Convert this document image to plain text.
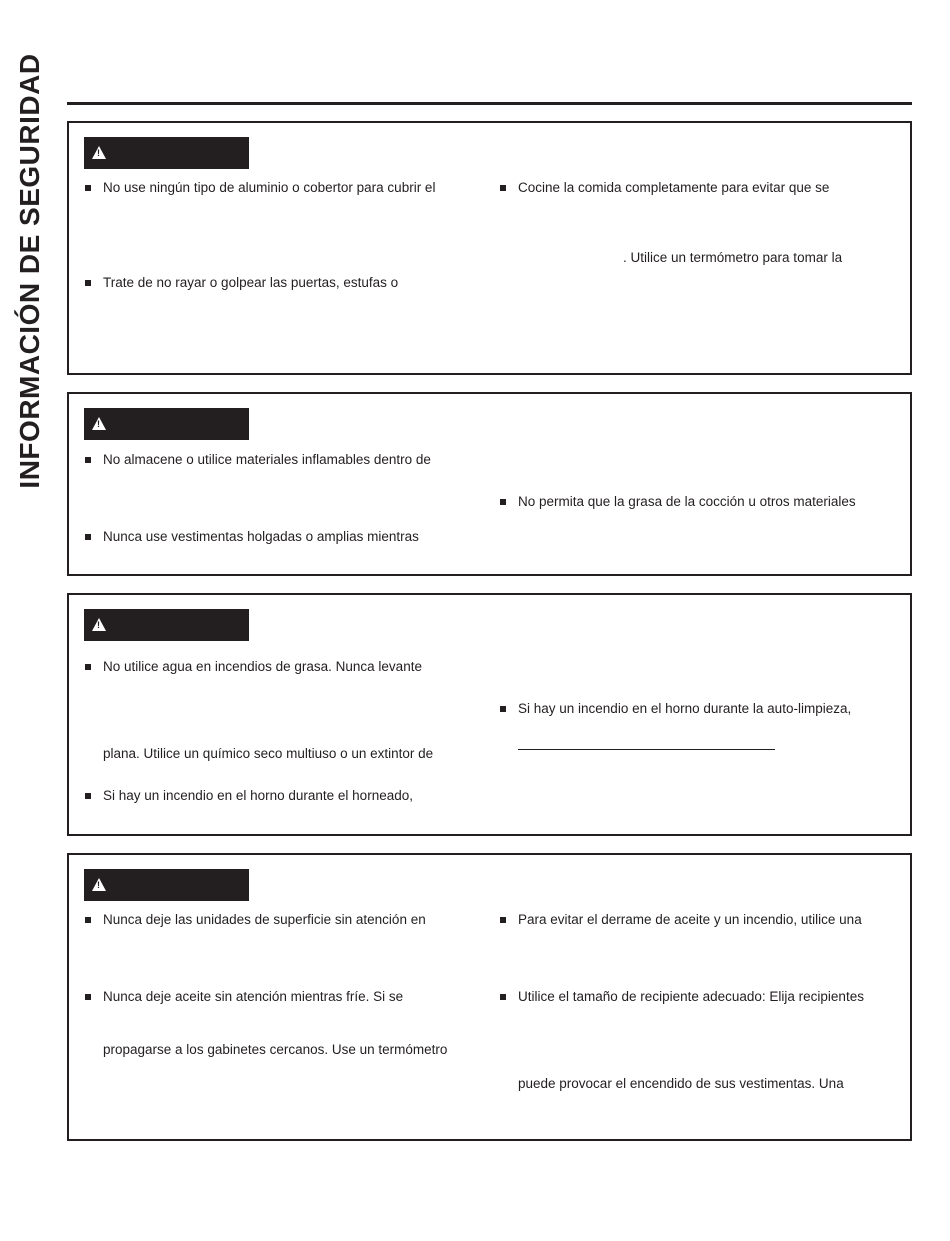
INFORMACIÓN DE SEGURIDAD
!	No use ningún tipo de aluminio o cobertor para cubrir el
Trate de no rayar o golpear las puertas, estufas o
Cocine la comida completamente para evitar que se
. Utilice un termómetro para tomar la
!
No almacene o utilice materiales inflamables dentro de
Nunca use vestimentas holgadas o amplias mientras
No permita que la grasa de la cocción u otros materiales
!
No utilice agua en incendios de grasa. Nunca levante
plana. Utilice un químico seco multiuso o un extintor de
Si hay un incendio en el horno durante el horneado,
Si hay un incendio en el horno durante la auto-limpieza,
!
Nunca deje las unidades de superficie sin atención en
Nunca deje aceite sin atención mientras fríe. Si se
propagarse a los gabinetes cercanos. Use un termómetro
Para evitar el derrame de aceite y un incendio, utilice una
Utilice el tamaño de recipiente adecuado: Elija recipientes
puede provocar el encendido de sus vestimentas. Una
